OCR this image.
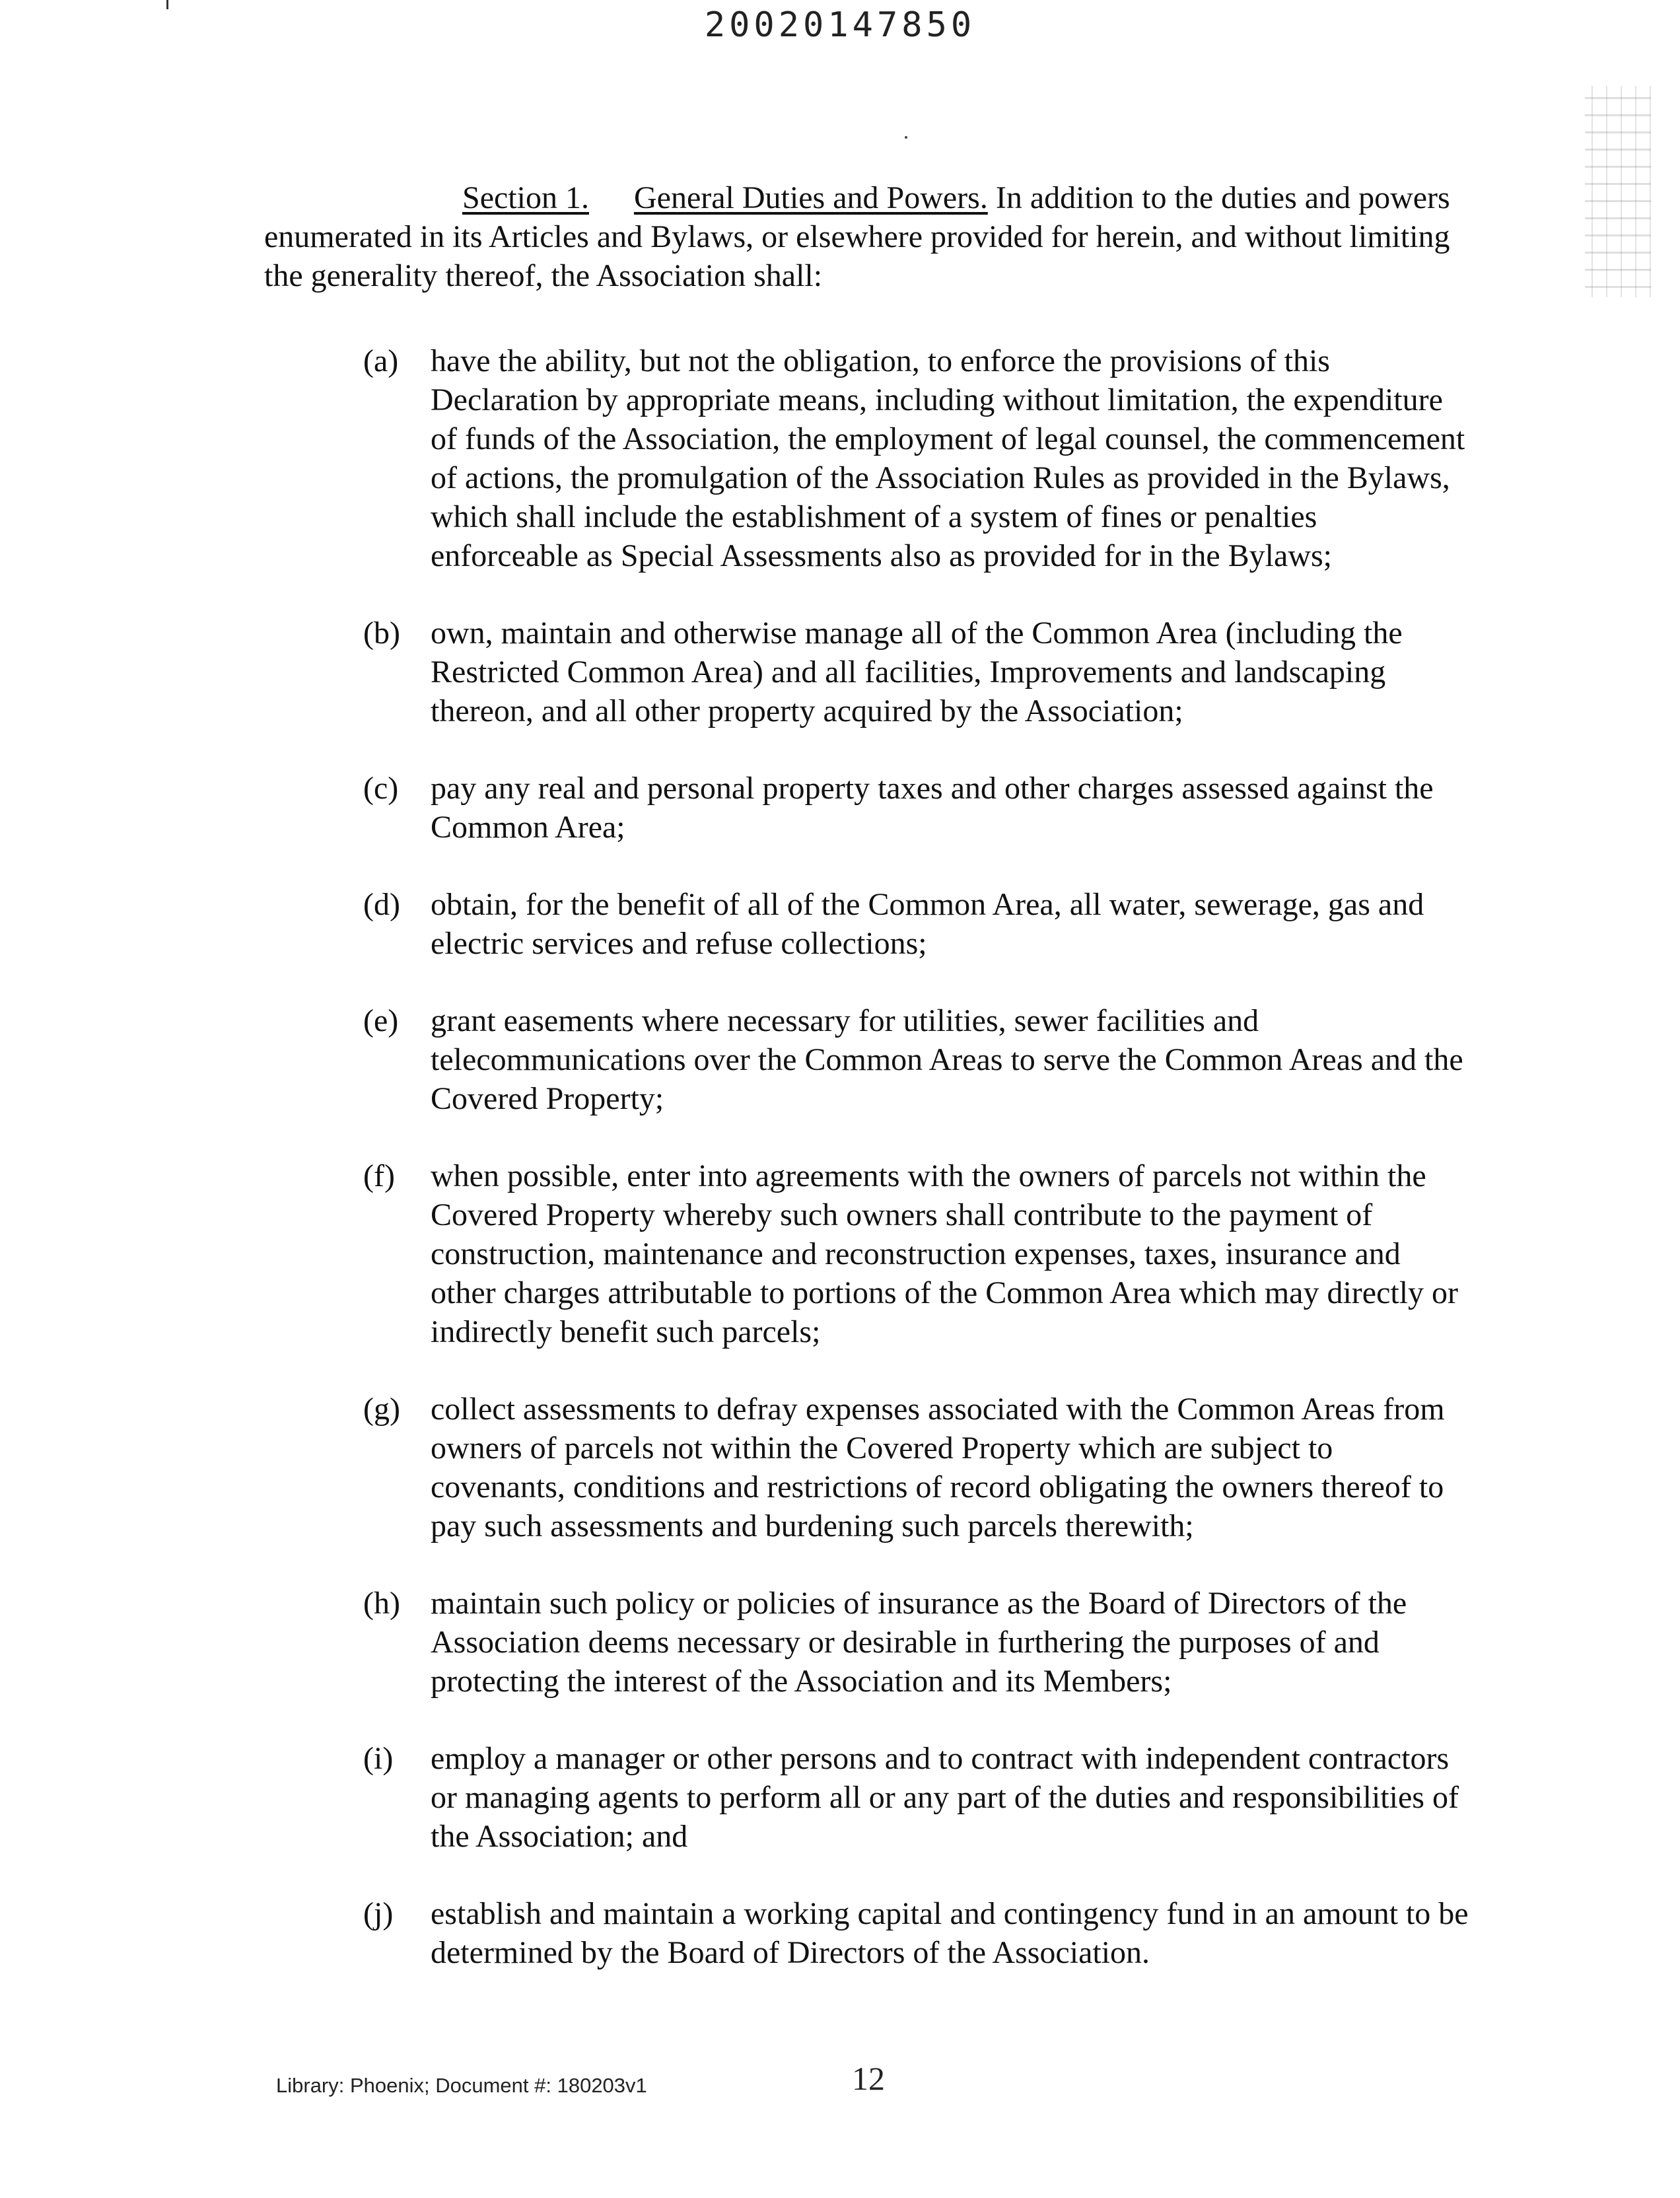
20020147850

Section 1. General Duties and Powers. In addition to the duties and powers enumerated in its Articles and Bylaws, or elsewhere provided for herein, and without limiting the generality thereof, the Association shall:

(a) have the ability, but not the obligation, to enforce the provisions of this Declaration by appropriate means, including without limitation, the expenditure of funds of the Association, the employment of legal counsel, the commencement of actions, the promulgation of the Association Rules as provided in the Bylaws, which shall include the establishment of a system of fines or penalties enforceable as Special Assessments also as provided for in the Bylaws;
(b) own, maintain and otherwise manage all of the Common Area (including the Restricted Common Area) and all facilities, Improvements and landscaping thereon, and all other property acquired by the Association;
(c) pay any real and personal property taxes and other charges assessed against the Common Area;
(d) obtain, for the benefit of all of the Common Area, all water, sewerage, gas and electric services and refuse collections;
(e) grant easements where necessary for utilities, sewer facilities and telecommunications over the Common Areas to serve the Common Areas and the Covered Property;
(f) when possible, enter into agreements with the owners of parcels not within the Covered Property whereby such owners shall contribute to the payment of construction, maintenance and reconstruction expenses, taxes, insurance and other charges attributable to portions of the Common Area which may directly or indirectly benefit such parcels;
(g) collect assessments to defray expenses associated with the Common Areas from owners of parcels not within the Covered Property which are subject to covenants, conditions and restrictions of record obligating the owners thereof to pay such assessments and burdening such parcels therewith;
(h) maintain such policy or policies of insurance as the Board of Directors of the Association deems necessary or desirable in furthering the purposes of and protecting the interest of the Association and its Members;
(i) employ a manager or other persons and to contract with independent contractors or managing agents to perform all or any part of the duties and responsibilities of the Association; and
(j) establish and maintain a working capital and contingency fund in an amount to be determined by the Board of Directors of the Association.
Library: Phoenix; Document #: 180203v1	12
